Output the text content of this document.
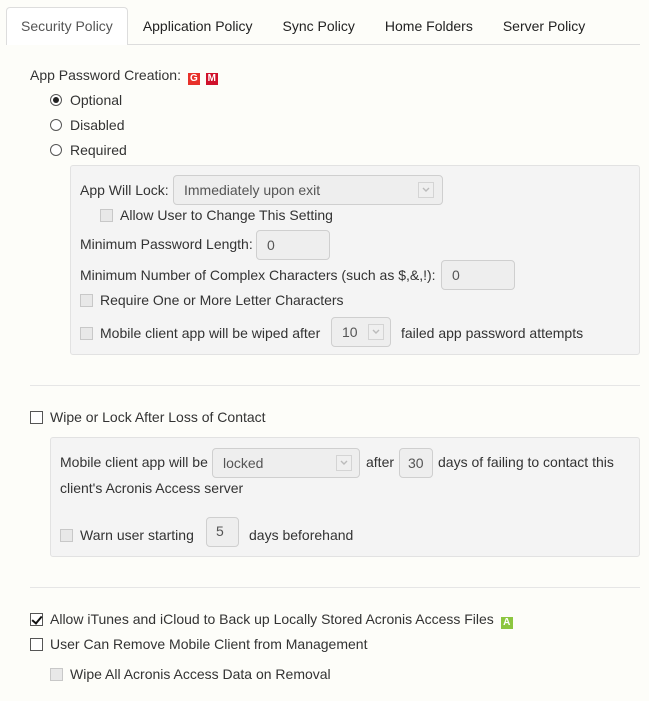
Security Policy	Application Policy	Sync Policy	Home Folders	Server Policy
App Password Creation: G M
Optional
Disabled
Required
App Will Lock: Immediately upon exit
Allow User to Change This Setting
Minimum Password Length:	0
Minimum Number of Complex Characters (such as $,&,!):	0
Require One or More Letter Characters
Mobile client app will be wiped after 10	failed app password attempts
Wipe or Lock After Loss of Contact
Mobile client app will be locked	after 30	days of failing to contact this
client's Acronis Access server
Warn user starting	5	days beforehand
Allow iTunes and iCloud to Back up Locally Stored Acronis Access Files A
User Can Remove Mobile Client from Management
Wipe All Acronis Access Data on Removal
